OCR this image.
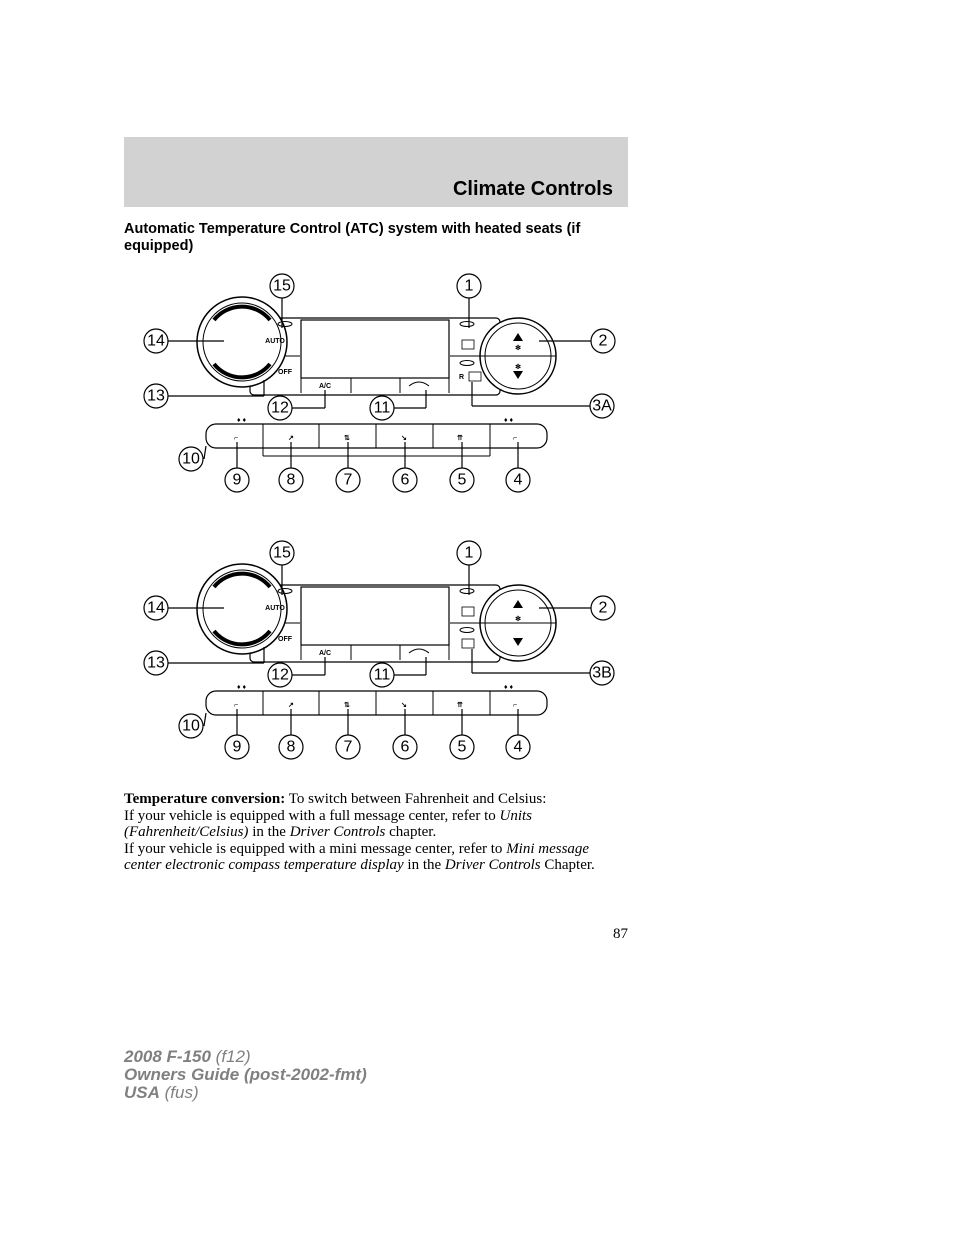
Climate Controls
Automatic Temperature Control (ATC) system with heated seats (if equipped)
✻
✻
AUTO
OFF
A/C
R
♦ ♦	♦ ♦
⌐	↗	⇅	↘	⇈	⌐
15	1
14	2
13
12	11	3A
10
9	8	7	6	5	4
✻
AUTO
OFF
A/C
♦ ♦	♦ ♦
⌐	↗	⇅	↘	⇈	⌐
15	1
14	2
13
12	11	3B
10
9	8	7	6	5	4

Temperature conversion: To switch between Fahrenheit and Celsius:

If your vehicle is equipped with a full message center, refer to Units (Fahrenheit/Celsius) in the Driver Controls chapter.

If your vehicle is equipped with a mini message center, refer to Mini message center electronic compass temperature display in the Driver Controls Chapter.

87
2008 F-150 (f12)
Owners Guide (post-2002-fmt)
USA (fus)
